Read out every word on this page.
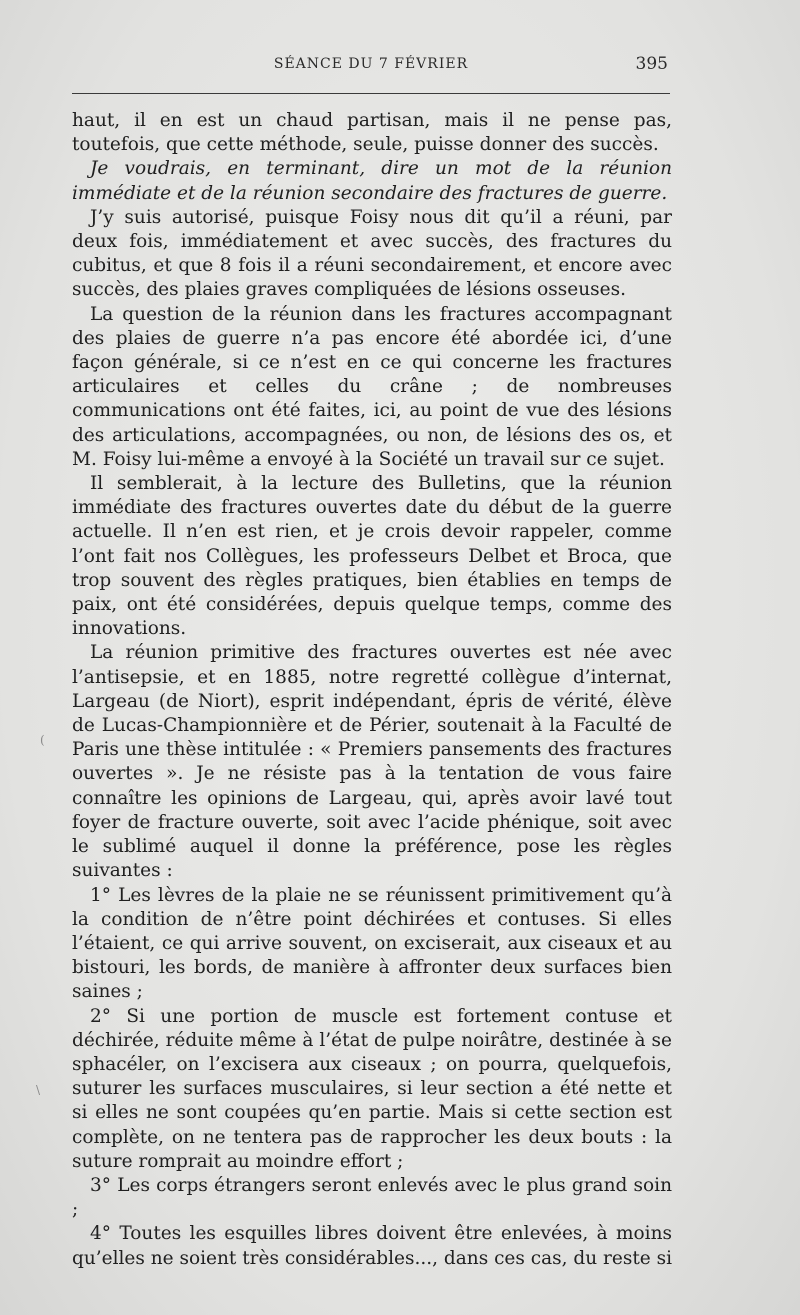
SÉANCE DU 7 FÉVRIER	395

haut, il en est un chaud partisan, mais il ne pense pas, toutefois, que cette méthode, seule, puisse donner des succès.

Je voudrais, en terminant, dire un mot de la réunion immédiate et de la réunion secondaire des fractures de guerre.

J’y suis autorisé, puisque Foisy nous dit qu’il a réuni, par deux fois, immédiatement et avec succès, des fractures du cubitus, et que 8 fois il a réuni secondairement, et encore avec succès, des plaies graves compliquées de lésions osseuses.

La question de la réunion dans les fractures accompagnant des plaies de guerre n’a pas encore été abordée ici, d’une façon générale, si ce n’est en ce qui concerne les fractures articulaires et celles du crâne ; de nombreuses communications ont été faites, ici, au point de vue des lésions des articulations, accompagnées, ou non, de lésions des os, et M. Foisy lui-même a envoyé à la Société un travail sur ce sujet.

Il semblerait, à la lecture des Bulletins, que la réunion immédiate des fractures ouvertes date du début de la guerre actuelle. Il n’en est rien, et je crois devoir rappeler, comme l’ont fait nos Collègues, les professeurs Delbet et Broca, que trop souvent des règles pratiques, bien établies en temps de paix, ont été considérées, depuis quelque temps, comme des innovations.

La réunion primitive des fractures ouvertes est née avec l’antisepsie, et en 1885, notre regretté collègue d’internat, Largeau (de Niort), esprit indépendant, épris de vérité, élève de Lucas-Championnière et de Périer, soutenait à la Faculté de Paris une thèse intitulée : « Premiers pansements des fractures ouvertes ». Je ne résiste pas à la tentation de vous faire connaître les opinions de Largeau, qui, après avoir lavé tout foyer de fracture ouverte, soit avec l’acide phénique, soit avec le sublimé auquel il donne la préférence, pose les règles suivantes :

1° Les lèvres de la plaie ne se réunissent primitivement qu’à la condition de n’être point déchirées et contuses. Si elles l’étaient, ce qui arrive souvent, on exciserait, aux ciseaux et au bistouri, les bords, de manière à affronter deux surfaces bien saines ;

2° Si une portion de muscle est fortement contuse et déchirée, réduite même à l’état de pulpe noirâtre, destinée à se sphacéler, on l’excisera aux ciseaux ; on pourra, quelquefois, suturer les surfaces musculaires, si leur section a été nette et si elles ne sont coupées qu’en partie. Mais si cette section est complète, on ne tentera pas de rapprocher les deux bouts : la suture romprait au moindre effort ;

3° Les corps étrangers seront enlevés avec le plus grand soin ;

4° Toutes les esquilles libres doivent être enlevées, à moins qu’elles ne soient très considérables..., dans ces cas, du reste si

\
(
